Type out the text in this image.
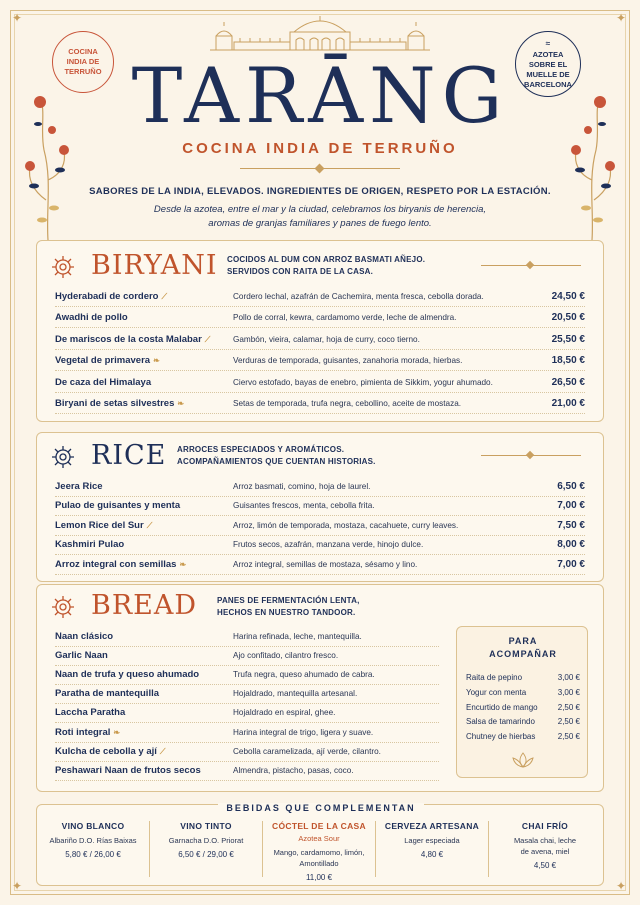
✦	✦
✦	✦
COCINA INDIA DE TERRUÑO
≈
AZOTEA SOBRE EL MUELLE DE BARCELONA
TARĀNG
COCINA INDIA DE TERRUÑO
SABORES DE LA INDIA, ELEVADOS. INGREDIENTES DE ORIGEN, RESPETO POR LA ESTACIÓN.
Desde la azotea, entre el mar y la ciudad, celebramos los biryanis de herencia,
aromas de granjas familiares y panes de fuego lento.
BIRYANI COCIDOS AL DUM CON ARROZ BASMATI AÑEJO.
SERVIDOS CON RAITA DE LA CASA.
Hyderabadi de cordero ⟋	Cordero lechal, azafrán de Cachemira, menta fresca, cebolla dorada.	24,50 €
Awadhi de pollo	Pollo de corral, kewra, cardamomo verde, leche de almendra.	20,50 €
De mariscos de la costa Malabar ⟋	Gambón, vieira, calamar, hoja de curry, coco tierno.	25,50 €
Vegetal de primavera ❧	Verduras de temporada, guisantes, zanahoria morada, hierbas.	18,50 €
De caza del Himalaya	Ciervo estofado, bayas de enebro, pimienta de Sikkim, yogur ahumado.	26,50 €
Biryani de setas silvestres ❧	Setas de temporada, trufa negra, cebollino, aceite de mostaza.	21,00 €
RICE ARROCES ESPECIADOS Y AROMÁTICOS.
ACOMPAÑAMIENTOS QUE CUENTAN HISTORIAS.
Jeera Rice	Arroz basmati, comino, hoja de laurel.	6,50 €
Pulao de guisantes y menta	Guisantes frescos, menta, cebolla frita.	7,00 €
Lemon Rice del Sur ⟋	Arroz, limón de temporada, mostaza, cacahuete, curry leaves.	7,50 €
Kashmiri Pulao	Frutos secos, azafrán, manzana verde, hinojo dulce.	8,00 €
Arroz integral con semillas ❧	Arroz integral, semillas de mostaza, sésamo y lino.	7,00 €
BREAD PANES DE FERMENTACIÓN LENTA,
HECHOS EN NUESTRO TANDOOR.
Naan clásico	Harina refinada, leche, mantequilla.
Garlic Naan	Ajo confitado, cilantro fresco.
Naan de trufa y queso ahumado	Trufa negra, queso ahumado de cabra.
Paratha de mantequilla	Hojaldrado, mantequilla artesanal.
Laccha Paratha	Hojaldrado en espiral, ghee.
Roti integral ❧	Harina integral de trigo, ligera y suave.
Kulcha de cebolla y ají ⟋	Cebolla caramelizada, ají verde, cilantro.
Peshawari Naan de frutos secos	Almendra, pistacho, pasas, coco.
PARA
ACOMPAÑAR
Raita de pepino	3,00 €
Yogur con menta	3,00 €
Encurtido de mango	2,50 €
Salsa de tamarindo	2,50 €
Chutney de hierbas	2,50 €
BEBIDAS QUE COMPLEMENTAN
VINO BLANCO
Albariño D.O. Rías Baixas
5,80 € / 26,00 €
VINO TINTO
Garnacha D.O. Priorat
6,50 € / 29,00 €
CÓCTEL DE LA CASA
Azotea Sour
Mango, cardamomo, limón,
Amontillado
11,00 €
CERVEZA ARTESANA
Lager especiada
4,80 €
CHAI FRÍO
Masala chai, leche
de avena, miel
4,50 €
